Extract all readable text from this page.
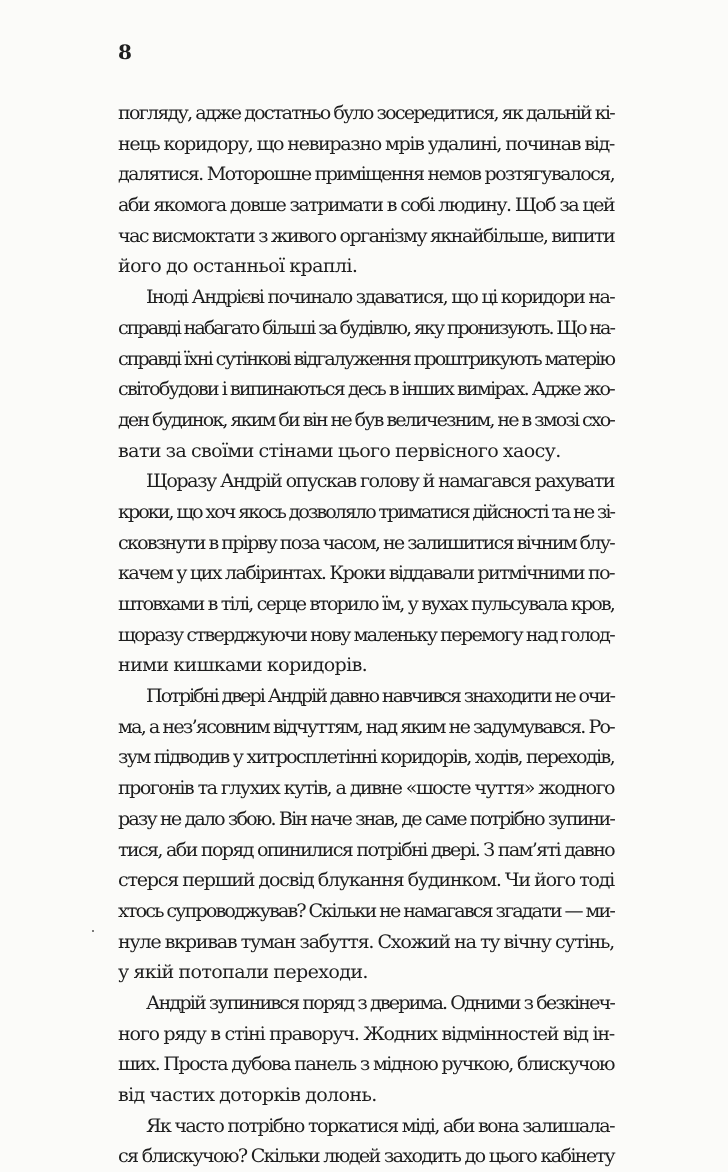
8
погляду, адже достатньо було зосередитися, як дальній кі-
нець коридору, що невиразно мрів удалині, починав від-
далятися. Моторошне приміщення немов розтягувалося,
аби якомога довше затримати в собі людину. Щоб за цей
час висмоктати з живого організму якнайбільше, випити
його до останньої краплі.
Іноді Андрієві починало здаватися, що ці коридори на-
справді набагато більші за будівлю, яку пронизують. Що на-
справді їхні сутінкові відгалуження проштрикують матерію
світобудови і випинаються десь в інших вимірах. Адже жо-
ден будинок, яким би він не був величезним, не в змозі схо-
вати за своїми стінами цього первісного хаосу.
Щоразу Андрій опускав голову й намагався рахувати
кроки, що хоч якось дозволяло триматися дійсності та не зі-
сковзнути в прірву поза часом, не залишитися вічним блу-
качем у цих лабіринтах. Кроки віддавали ритмічними по-
штовхами в тілі, серце вторило їм, у вухах пульсувала кров,
щоразу стверджуючи нову маленьку перемогу над голод-
ними кишками коридорів.
Потрібні двері Андрій давно навчився знаходити не очи-
ма, а нез’ясовним відчуттям, над яким не задумувався. Ро-
зум підводив у хитросплетінні коридорів, ходів, переходів,
прогонів та глухих кутів, а дивне «шосте чуття» жодного
разу не дало збою. Він наче знав, де саме потрібно зупини-
тися, аби поряд опинилися потрібні двері. З пам’яті давно
стерся перший досвід блукання будинком. Чи його тоді
хтось супроводжував? Скільки не намагався згадати — ми-
нуле вкривав туман забуття. Схожий на ту вічну сутінь,
у якій потопали переходи.
Андрій зупинився поряд з дверима. Одними з безкінеч-
ного ряду в стіні праворуч. Жодних відмінностей від ін-
ших. Проста дубова панель з мідною ручкою, блискучою
від частих доторків долонь.
Як часто потрібно торкатися міді, аби вона залишала-
ся блискучою? Скільки людей заходить до цього кабінету
